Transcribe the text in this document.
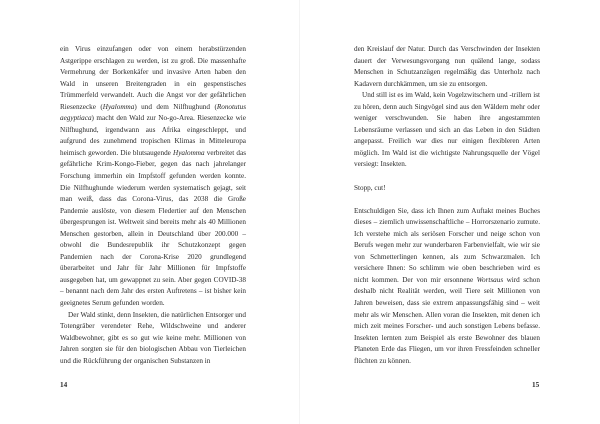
ein Virus einzufangen oder von einem herabstürzenden Astgerippe erschlagen zu werden, ist zu groß. Die massenhafte Vermehrung der Borkenkäfer und invasive Arten haben den Wald in unseren Breitengraden in ein gespenstisches Trümmerfeld verwandelt. Auch die Angst vor der gefährlichen Riesenzecke (Hyalomma) und dem Nilfhughund (Ronotutus aegyptiaca) macht den Wald zur No-go-Area. Riesenzecke wie Nilfhughund, irgendwann aus Afrika eingeschleppt, und aufgrund des zunehmend tropischen Klimas in Mitteleuropa heimisch geworden. Die blutsaugende Hyalomma verbreitet das gefährliche Krim-Kongo-Fieber, gegen das nach jahrelanger Forschung immerhin ein Impfstoff gefunden werden konnte. Die Nilfhughunde wiederum werden systematisch gejagt, seit man weiß, dass das Corona-Virus, das 2038 die Große Pandemie auslöste, von diesem Fledertier auf den Menschen übergesprungen ist. Weltweit sind bereits mehr als 40 Millionen Menschen gestorben, allein in Deutschland über 200.000 – obwohl die Bundesrepublik ihr Schutzkonzept gegen Pandemien nach der Corona-Krise 2020 grundlegend überarbeitet und Jahr für Jahr Millionen für Impfstoffe ausgegeben hat, um gewappnet zu sein. Aber gegen COVID-38 – benannt nach dem Jahr des ersten Auftretens – ist bisher kein geeignetes Serum gefunden worden.

Der Wald stinkt, denn Insekten, die natürlichen Entsorger und Totengräber verendeter Rehe, Wildschweine und anderer Waldbewohner, gibt es so gut wie keine mehr. Millionen von Jahren sorgten sie für den biologischen Abbau von Tierleichen und die Rückführung der organischen Substanzen in

14

den Kreislauf der Natur. Durch das Verschwinden der Insekten dauert der Verwesungsvorgang nun quälend lange, sodass Menschen in Schutzanzügen regelmäßig das Unterholz nach Kadavern durchkämmen, um sie zu entsorgen.

Und still ist es im Wald, kein Vogelzwitschern und -trillern ist zu hören, denn auch Singvögel sind aus den Wäldern mehr oder weniger verschwunden. Sie haben ihre angestammten Lebensräume verlassen und sich an das Leben in den Städten angepasst. Freilich war dies nur einigen flexibleren Arten möglich. Im Wald ist die wichtigste Nahrungsquelle der Vögel versiegt: Insekten.

Stopp, cut!

Entschuldigen Sie, dass ich Ihnen zum Auftakt meines Buches dieses – ziemlich unwissenschaftliche – Horrorszenario zumute. Ich verstehe mich als seriösen Forscher und neige schon von Berufs wegen mehr zur wunderbaren Farbenvielfalt, wie wir sie von Schmetterlingen kennen, als zum Schwarzmalen. Ich versichere Ihnen: So schlimm wie oben beschrieben wird es nicht kommen. Der von mir ersonnene Wortsaus wird schon deshalb nicht Realität werden, weil Tiere seit Millionen von Jahren beweisen, dass sie extrem anpassungsfähig sind – weit mehr als wir Menschen. Allen voran die Insekten, mit denen ich mich zeit meines Forscher- und auch sonstigen Lebens befasse. Insekten lernten zum Beispiel als erste Bewohner des blauen Planeten Erde das Fliegen, um vor ihren Fressfeinden schneller flüchten zu können.

15
